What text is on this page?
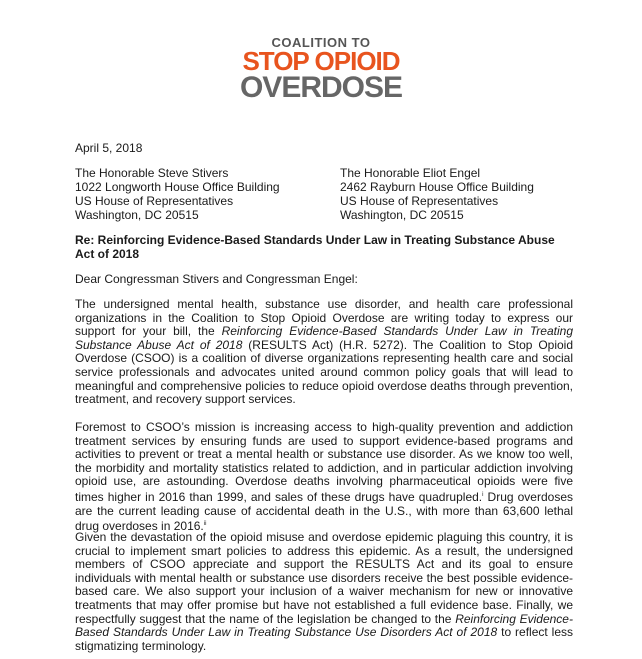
COALITION TO
STOP OPIOID
OVERDOSE
April 5, 2018
The Honorable Steve Stivers
1022 Longworth House Office Building
US House of Representatives
Washington, DC 20515
The Honorable Eliot Engel
2462 Rayburn House Office Building
US House of Representatives
Washington, DC 20515
Re: Reinforcing Evidence-Based Standards Under Law in Treating Substance Abuse Act of 2018
Dear Congressman Stivers and Congressman Engel:
The undersigned mental health, substance use disorder, and health care professional organizations in the Coalition to Stop Opioid Overdose are writing today to express our support for your bill, the Reinforcing Evidence-Based Standards Under Law in Treating Substance Abuse Act of 2018 (RESULTS Act) (H.R. 5272). The Coalition to Stop Opioid Overdose (CSOO) is a coalition of diverse organizations representing health care and social service professionals and advocates united around common policy goals that will lead to meaningful and comprehensive policies to reduce opioid overdose deaths through prevention, treatment, and recovery support services.
Foremost to CSOO’s mission is increasing access to high-quality prevention and addiction treatment services by ensuring funds are used to support evidence-based programs and activities to prevent or treat a mental health or substance use disorder. As we know too well, the morbidity and mortality statistics related to addiction, and in particular addiction involving opioid use, are astounding. Overdose deaths involving pharmaceutical opioids were five times higher in 2016 than 1999, and sales of these drugs have quadrupled.$^i$ Drug overdoses are the current leading cause of accidental death in the U.S., with more than 63,600 lethal drug overdoses in 2016.$^{ii}$
Given the devastation of the opioid misuse and overdose epidemic plaguing this country, it is crucial to implement smart policies to address this epidemic. As a result, the undersigned members of CSOO appreciate and support the RESULTS Act and its goal to ensure individuals with mental health or substance use disorders receive the best possible evidence-based care. We also support your inclusion of a waiver mechanism for new or innovative treatments that may offer promise but have not established a full evidence base. Finally, we respectfully suggest that the name of the legislation be changed to the Reinforcing Evidence-Based Standards Under Law in Treating Substance Use Disorders Act of 2018 to reflect less stigmatizing terminology.
